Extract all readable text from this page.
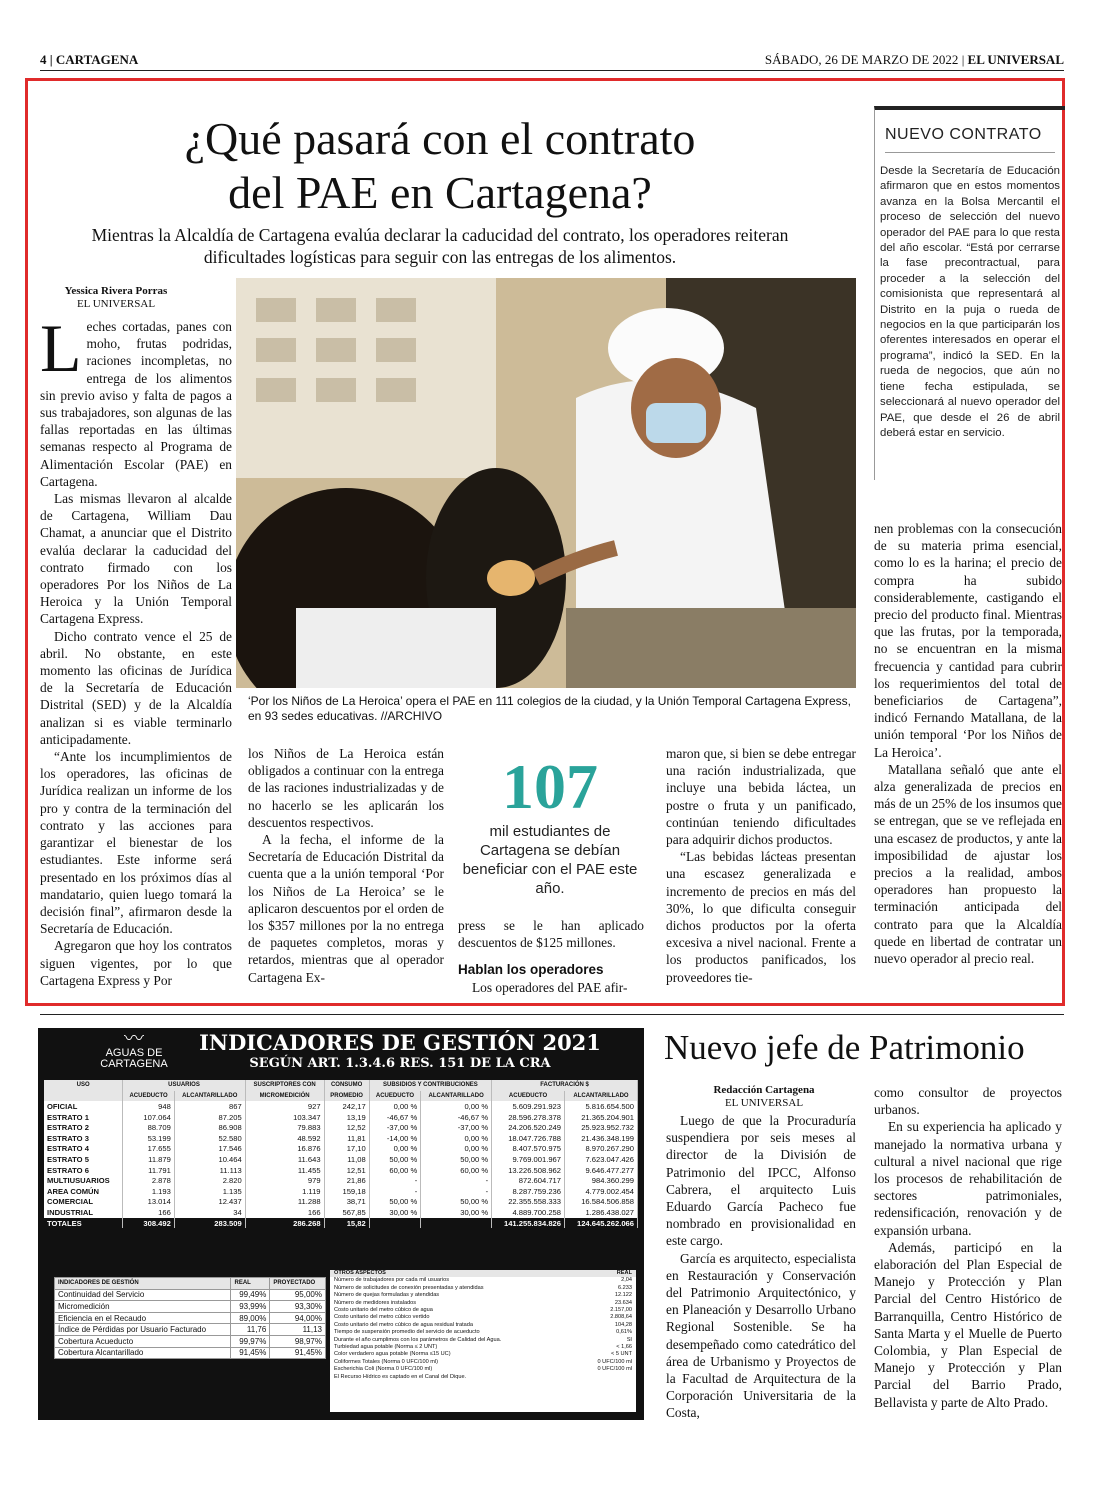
4 | CARTAGENA	SÁBADO, 26 DE MARZO DE 2022 | EL UNIVERSAL
¿Qué pasará con el contrato
del PAE en Cartagena?
Mientras la Alcaldía de Cartagena evalúa declarar la caducidad del contrato, los operadores reiteran dificultades logísticas para seguir con las entregas de los alimentos.
NUEVO CONTRATO
Desde la Secretaría de Educación afirmaron que en estos momentos avanza en la Bolsa Mercantil el proceso de selección del nuevo operador del PAE para lo que resta del año escolar. “Está por cerrarse la fase precontractual, para proceder a la selección del comisionista que representará al Distrito en la puja o rueda de negocios en la que participarán los oferentes interesados en operar el programa”, indicó la SED. En la rueda de negocios, que aún no tiene fecha estipulada, se seleccionará al nuevo operador del PAE, que desde el 26 de abril deberá estar en servicio.
Yessica Rivera Porras
EL UNIVERSAL

Leches cortadas, panes con moho, frutas podridas, raciones incompletas, no entrega de los alimentos sin previo aviso y falta de pagos a sus trabajadores, son algunas de las fallas reportadas en las últimas semanas respecto al Programa de Alimentación Escolar (PAE) en Cartagena.

Las mismas llevaron al alcalde de Cartagena, William Dau Chamat, a anunciar que el Distrito evalúa declarar la caducidad del contrato firmado con los operadores Por los Niños de La Heroica y la Unión Temporal Cartagena Express.

Dicho contrato vence el 25 de abril. No obstante, en este momento las oficinas de Jurídica de la Secretaría de Educación Distrital (SED) y de la Alcaldía analizan si es viable terminarlo anticipadamente.

“Ante los incumplimientos de los operadores, las oficinas de Jurídica realizan un informe de los pro y contra de la terminación del contrato y las acciones para garantizar el bienestar de los estudiantes. Este informe será presentado en los próximos días al mandatario, quien luego tomará la decisión final”, afirmaron desde la Secretaría de Educación.

Agregaron que hoy los contratos siguen vigentes, por lo que Cartagena Express y Por

‘Por los Niños de La Heroica’ opera el PAE en 111 colegios de la ciudad, y la Unión Temporal Cartagena Express, en 93 sedes educativas. //ARCHIVO

los Niños de La Heroica están obligados a continuar con la entrega de las raciones industrializadas y de no hacerlo se les aplicarán los descuentos respectivos.

A la fecha, el informe de la Secretaría de Educación Distrital da cuenta que a la unión temporal ‘Por los Niños de La Heroica’ se le aplicaron descuentos por el orden de los $357 millones por la no entrega de paquetes completos, moras y retardos, mientras que al operador Cartagena Ex-

107
mil estudiantes de Cartagena se debían beneficiar con el PAE este año.

press se le han aplicado descuentos de $125 millones.

Hablan los operadores

Los operadores del PAE afir-

maron que, si bien se debe entregar una ración industrializada, que incluye una bebida láctea, un postre o fruta y un panificado, continúan teniendo dificultades para adquirir dichos productos.

“Las bebidas lácteas presentan una escasez generalizada e incremento de precios en más del 30%, lo que dificulta conseguir dichos productos por la oferta excesiva a nivel nacional. Frente a los productos panificados, los proveedores tie-

nen problemas con la consecución de su materia prima esencial, como lo es la harina; el precio de compra ha subido considerablemente, castigando el precio del producto final. Mientras que las frutas, por la temporada, no se encuentran en la misma frecuencia y cantidad para cubrir los requerimientos del total de beneficiarios de Cartagena”, indicó Fernando Matallana, de la unión temporal ‘Por los Niños de La Heroica’.

Matallana señaló que ante el alza generalizada de precios en más de un 25% de los insumos que se entregan, que se ve reflejada en una escasez de productos, y ante la imposibilidad de ajustar los precios a la realidad, ambos operadores han propuesto la terminación anticipada del contrato para que la Alcaldía quede en libertad de contratar un nuevo operador al precio real.

〰
AGUAS DE
CARTAGENA
INDICADORES DE GESTIÓN 2021
SEGÚN ART. 1.3.4.6 RES. 151 DE LA CRA
USO	USUARIOS		SUSCRIPTORES CON	CONSUMO	SUBSIDIOS Y CONTRIBUCIONES		FACTURACIÓN $	
	ACUEDUCTO	ALCANTARILLADO	MICROMEDICIÓN	PROMEDIO	ACUEDUCTO	ALCANTARILLADO	ACUEDUCTO	ALCANTARILLADO
OFICIAL	948	867	927	242,17	0,00 %	0,00 %	5.609.291.923	5.816.654.500
ESTRATO 1	107.064	87.205	103.347	13,19	-46,67 %	-46,67 %	28.596.278.378	21.365.204.901
ESTRATO 2	88.709	86.908	79.883	12,52	-37,00 %	-37,00 %	24.206.520.249	25.923.952.732
ESTRATO 3	53.199	52.580	48.592	11,81	-14,00 %	0,00 %	18.047.726.788	21.436.348.199
ESTRATO 4	17.655	17.546	16.876	17,10	0,00 %	0,00 %	8.407.570.975	8.970.267.290
ESTRATO 5	11.879	10.464	11.643	11,08	50,00 %	50,00 %	9.769.001.967	7.623.047.426
ESTRATO 6	11.791	11.113	11.455	12,51	60,00 %	60,00 %	13.226.508.962	9.646.477.277
MULTIUSUARIOS	2.878	2.820	979	21,86	-	-	872.604.717	984.360.299
AREA COMÚN	1.193	1.135	1.119	159,18	-	-	8.287.759.236	4.779.002.454
COMERCIAL	13.014	12.437	11.288	38,71	50,00 %	50,00 %	22.355.558.333	16.584.506.858
INDUSTRIAL	166	34	166	567,85	30,00 %	30,00 %	4.889.700.258	1.286.438.027
TOTALES	308.492	283.509	286.268	15,82			141.255.834.826	124.645.262.066
INDICADORES DE GESTIÓN	REAL	PROYECTADO
Continuidad del Servicio	99,49%	95,00%
Micromedición	93,99%	93,30%
Eficiencia en el Recaudo	89,00%	94,00%
Índice de Pérdidas por Usuario Facturado	11,76	11,13
Cobertura Acueducto	99,97%	98,97%
Cobertura Alcantarillado	91,45%	91,45%
OTROS ASPECTOS	REAL
Número de trabajadores por cada mil usuarios	2,04
Número de solicitudes de conexión presentadas y atendidas	6.233
Número de quejas formuladas y atendidas	12.122
Número de medidores instalados	23.634
Costo unitario del metro cúbico de agua	2.157,00
Costo unitario del metro cúbico vertido	2.808,64
Costo unitario del metro cúbico de agua residual tratada	104,28
Tiempo de suspensión promedio del servicio de acueducto	0,61%
Durante el año cumplimos con los parámetros de Calidad del Agua.	SI
Turbiedad agua potable (Norma ≤ 2 UNT)	< 1,66
Color verdadero agua potable (Norma ≤15 UC)	< 5 UNT
Coliformes Totales (Norma 0 UFC/100 ml)	0 UFC/100 ml
Escherichia Coli (Norma 0 UFC/100 ml)	0 UFC/100 ml
El Recurso Hídrico es captado en el Canal del Dique.
Nuevo jefe de Patrimonio
Redacción Cartagena
EL UNIVERSAL

Luego de que la Procuraduría suspendiera por seis meses al director de la División de Patrimonio del IPCC, Alfonso Cabrera, el arquitecto Luis Eduardo García Pacheco fue nombrado en provisionalidad en este cargo.

García es arquitecto, especialista en Restauración y Conservación del Patrimonio Arquitectónico, y en Planeación y Desarrollo Urbano Regional Sostenible. Se ha desempeñado como catedrático del área de Urbanismo y Proyectos de la Facultad de Arquitectura de la Corporación Universitaria de la Costa,

como consultor de proyectos urbanos.

En su experiencia ha aplicado y manejado la normativa urbana y cultural a nivel nacional que rige los procesos de rehabilitación de sectores patrimoniales, redensificación, renovación y de expansión urbana.

Además, participó en la elaboración del Plan Especial de Manejo y Protección y Plan Parcial del Centro Histórico de Barranquilla, Centro Histórico de Santa Marta y el Muelle de Puerto Colombia, y Plan Especial de Manejo y Protección y Plan Parcial del Barrio Prado, Bellavista y parte de Alto Prado.
